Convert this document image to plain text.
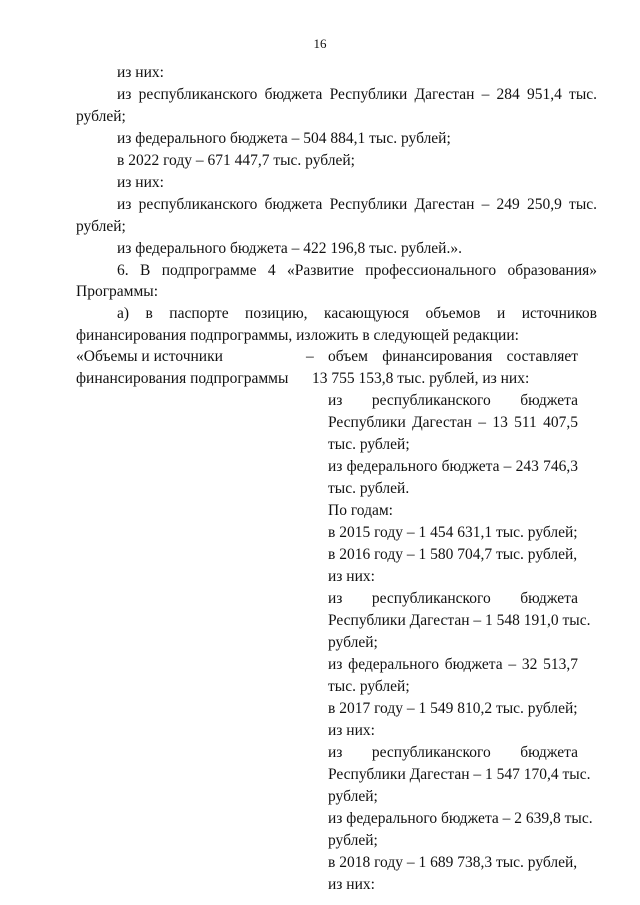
16
из них:
из республиканского бюджета Республики Дагестан – 284 951,4 тыс.
рублей;
из федерального бюджета – 504 884,1 тыс. рублей;
в 2022 году – 671 447,7 тыс. рублей;
из них:
из республиканского бюджета Республики Дагестан – 249 250,9 тыс.
рублей;
из федерального бюджета – 422 196,8 тыс. рублей.».
6. В подпрограмме 4 «Развитие профессионального образования»
Программы:
а) в паспорте позицию, касающуюся объемов и источников
финансирования подпрограммы, изложить в следующей редакции:
«Объемы и источники
финансирования подпрограммы
– объем финансирования составляет
13 755 153,8 тыс. рублей, из них:
из республиканского бюджета
Республики Дагестан – 13 511 407,5
тыс. рублей;
из федерального бюджета – 243 746,3
тыс. рублей.
По годам:
в 2015 году – 1 454 631,1 тыс. рублей;
в 2016 году – 1 580 704,7 тыс. рублей,
из них:
из республиканского бюджета
Республики Дагестан – 1 548 191,0 тыс.
рублей;
из федерального бюджета – 32 513,7
тыс. рублей;
в 2017 году – 1 549 810,2 тыс. рублей;
из них:
из республиканского бюджета
Республики Дагестан – 1 547 170,4 тыс.
рублей;
из федерального бюджета – 2 639,8 тыс.
рублей;
в 2018 году – 1 689 738,3 тыс. рублей,
из них:
